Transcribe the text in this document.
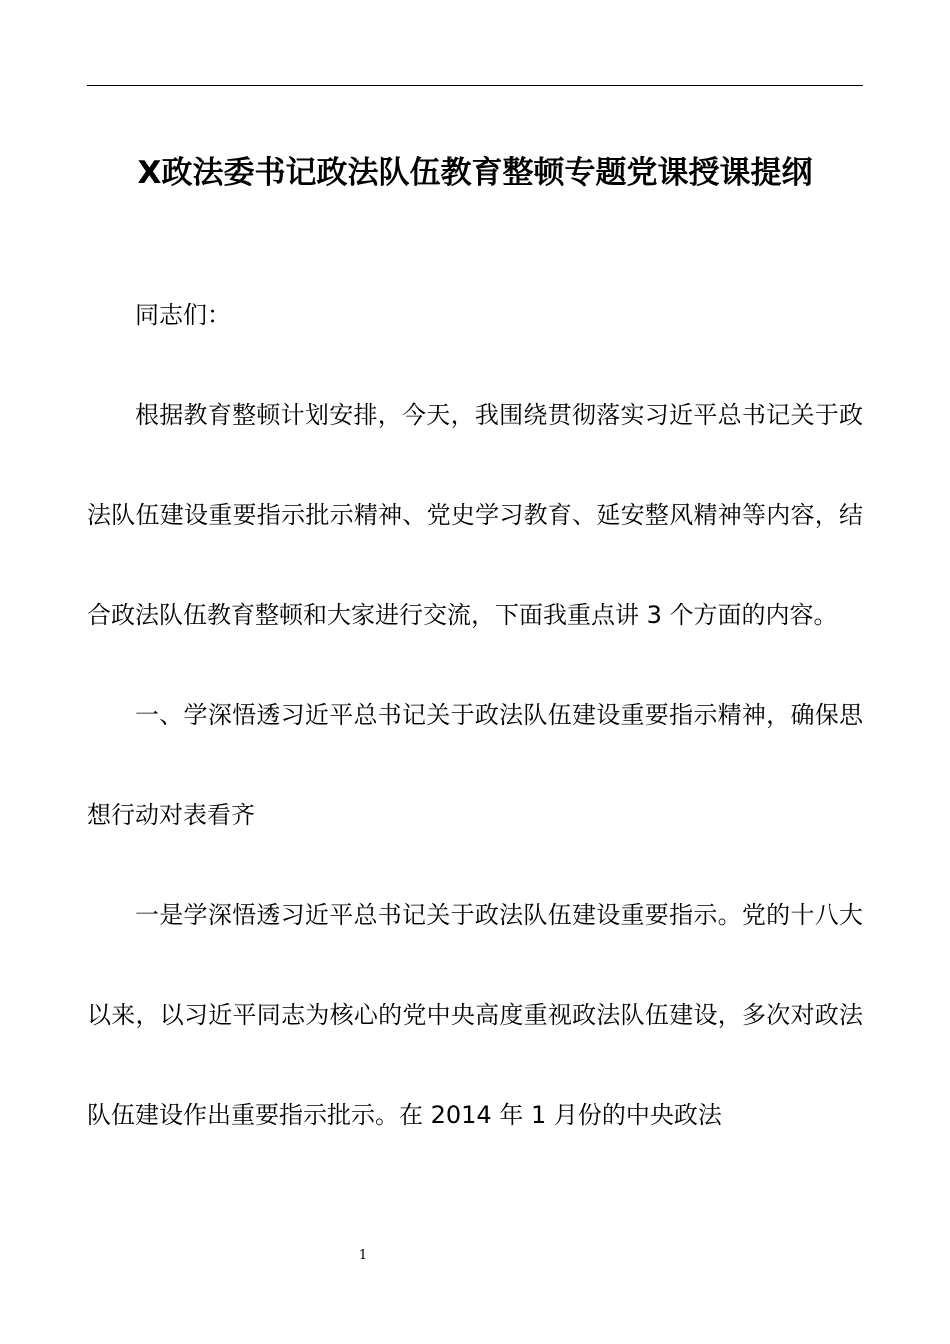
X政法委书记政法队伍教育整顿专题党课授课提纲

同志们：

根据教育整顿计划安排，今天，我围绕贯彻落实习近平总书记关于政法队伍建设重要指示批示精神、党史学习教育、延安整风精神等内容，结合政法队伍教育整顿和大家进行交流，下面我重点讲 3 个方面的内容。

一、学深悟透习近平总书记关于政法队伍建设重要指示精神，确保思想行动对表看齐

一是学深悟透习近平总书记关于政法队伍建设重要指示。党的十八大以来，以习近平同志为核心的党中央高度重视政法队伍建设，多次对政法队伍建设作出重要指示批示。在 2014 年 1 月份的中央政法

1
